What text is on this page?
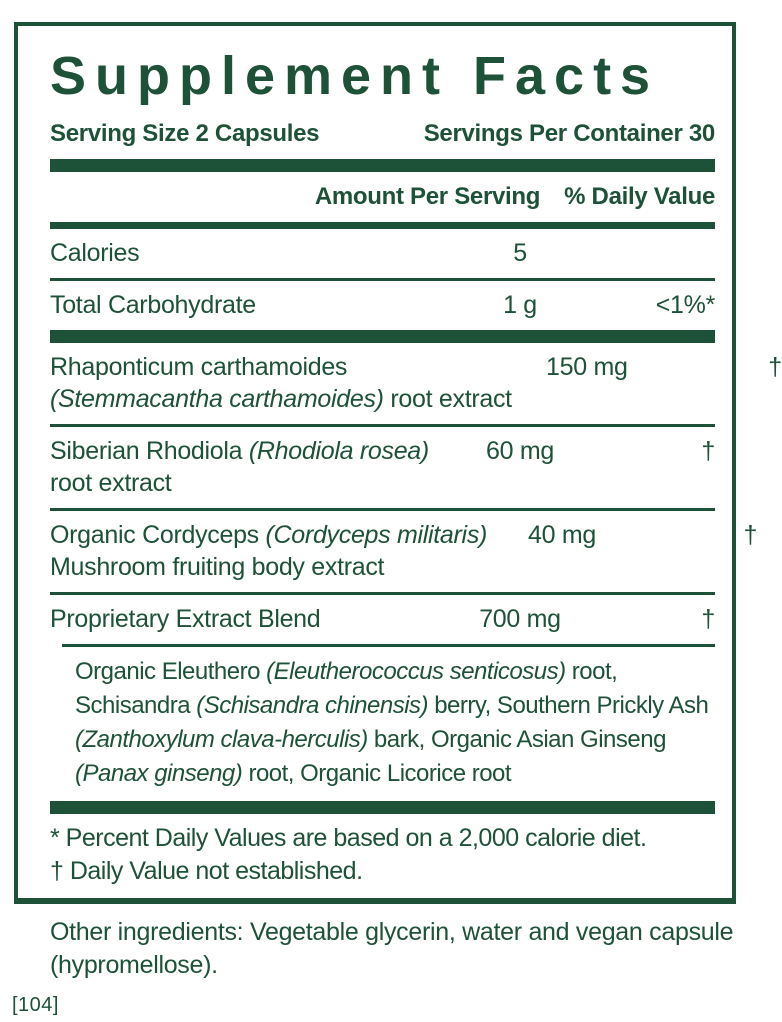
Supplement Facts
Serving Size 2 Capsules	Servings Per Container 30
Amount Per Serving % Daily Value
Calories	5
Total Carbohydrate	1 g	<1%*
Rhaponticum carthamoides
(Stemmacantha carthamoides) root extract
150 mg	†
Siberian Rhodiola (Rhodiola rosea)
root extract
60 mg	†
Organic Cordyceps (Cordyceps militaris)
Mushroom fruiting body extract
40 mg	†
Proprietary Extract Blend	700 mg	†
Organic Eleuthero (Eleutherococcus senticosus) root,
Schisandra (Schisandra chinensis) berry, Southern Prickly Ash
(Zanthoxylum clava-herculis) bark, Organic Asian Ginseng
(Panax ginseng) root, Organic Licorice root
* Percent Daily Values are based on a 2,000 calorie diet.
† Daily Value not established.
Other ingredients: Vegetable glycerin, water and vegan capsule
(hypromellose).
[104]
